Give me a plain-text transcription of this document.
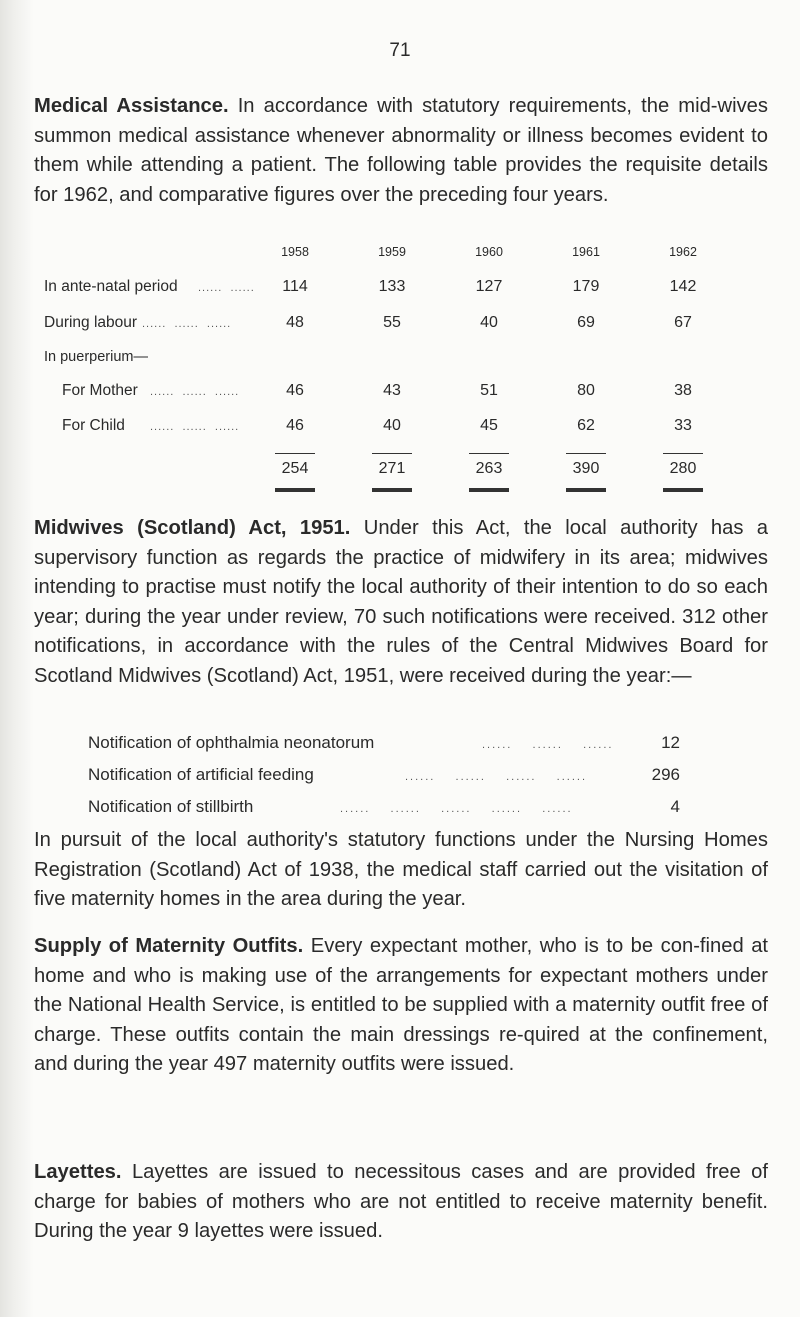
71

Medical Assistance. In accordance with statutory requirements, the mid-wives summon medical assistance whenever abnormality or illness becomes evident to them while attending a patient. The following table provides the requisite details for 1962, and comparative figures over the preceding four years.

1958	1959	1960	1961	1962
In ante-natal period ......  ......	114	133	127	179	142
During labour ......  ......  ......	48	55	40	69	67
In puerperium—
For Mother ......  ......  ......	46	43	51	80	38
For Child ......  ......  ......	46	40	45	62	33
254	271	263	390	280

Midwives (Scotland) Act, 1951. Under this Act, the local authority has a supervisory function as regards the practice of midwifery in its area; midwives intending to practise must notify the local authority of their intention to do so each year; during the year under review, 70 such notifications were received. 312 other notifications, in accordance with the rules of the Central Midwives Board for Scotland Midwives (Scotland) Act, 1951, were received during the year:—

Notification of ophthalmia neonatorum	......    ......    ......	12
Notification of artificial feeding	......    ......    ......    ......	296
Notification of stillbirth	......    ......    ......    ......    ......	4

In pursuit of the local authority's statutory functions under the Nursing Homes Registration (Scotland) Act of 1938, the medical staff carried out the visitation of five maternity homes in the area during the year.

Supply of Maternity Outfits. Every expectant mother, who is to be con-fined at home and who is making use of the arrangements for expectant mothers under the National Health Service, is entitled to be supplied with a maternity outfit free of charge. These outfits contain the main dressings re-quired at the confinement, and during the year 497 maternity outfits were issued.

Layettes. Layettes are issued to necessitous cases and are provided free of charge for babies of mothers who are not entitled to receive maternity benefit. During the year 9 layettes were issued.
